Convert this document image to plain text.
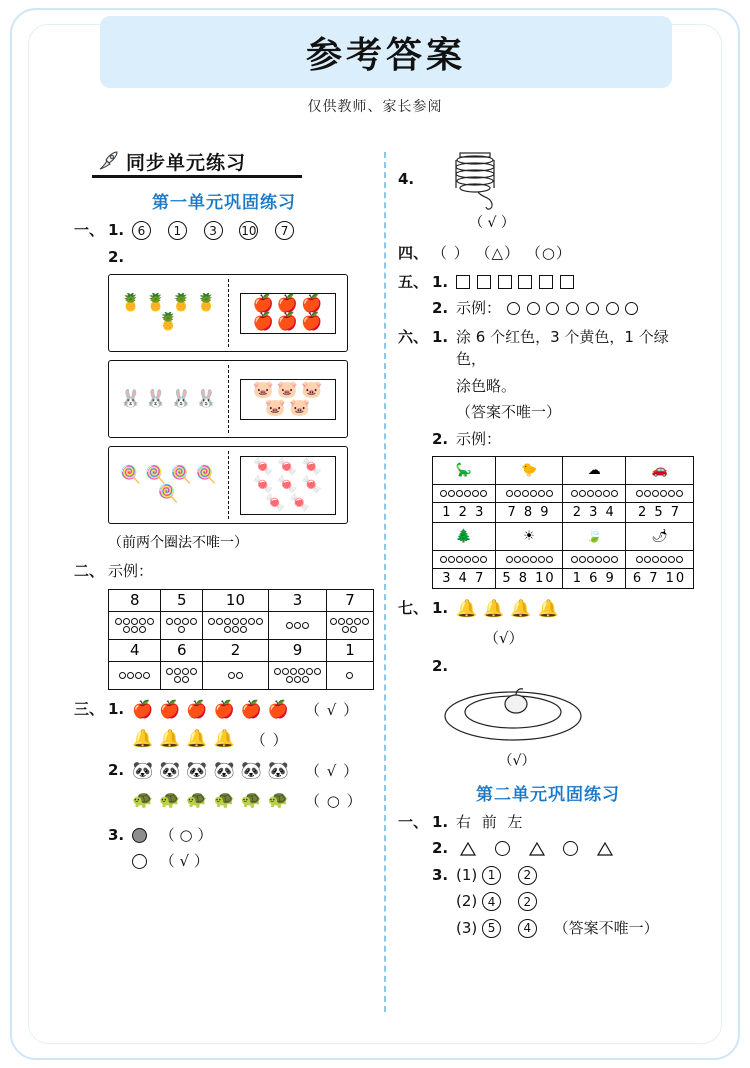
参考答案
仅供教师、家长参阅
同步单元练习
第一单元巩固练习
一、 1.	6 1 3 10 7
2.
🍍 🍍 🍍 🍍
🍍
🍎 🍎 🍎
🍎 🍎 🍎
🐰 🐰 🐰 🐰 🐷 🐷 🐷
🐷 🐷
🍭 🍭 🍭 🍭
🍭
🍬 🍬 🍬
🍬 🍬 🍬
🍬 🍬
（前两个圈法不唯一）
二、 示例：
8	5	10	3	7

4	6	2	9	1

三、 1. 🍎 🍎 🍎 🍎 🍎 🍎 （ √ ）
🔔 🔔 🔔 🔔 （ ）
2. 🐼 🐼 🐼 🐼 🐼 🐼 （ √ ）
🐢 🐢 🐢 🐢 🐢 🐢 （ ○ ）
3.	（ ○ ）
（ √ ）
4.
（ √ ）
四、 （ ） （△） （○）
五、 1.

2. 示例：
六、 1. 涂 6 个红色，3 个黄色，1 个绿色，
涂色略。
（答案不唯一）
2. 示例：
🦕	🐤	☁	🚗

1 2 3	7 8 9	2 3 4	2 5 7
🌲	☀	🍃	🌶

3 4 7	5 8 10	1 6 9	6 7 10
七、 1. 🔔 🔔 🔔 🔔
（√）
2.
（√）
第二单元巩固练习
一、 1. 右 前 左
2.

3. (1) 1 2
(2) 4 2
(3) 5 4 （答案不唯一）
